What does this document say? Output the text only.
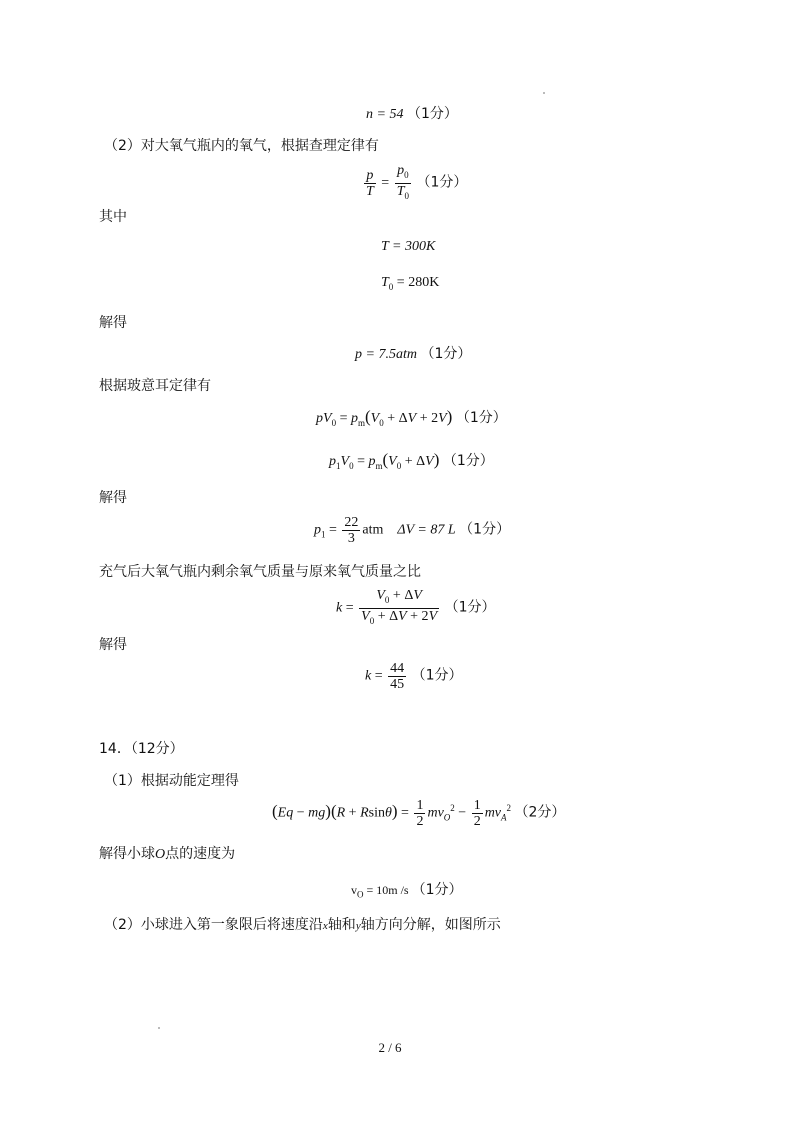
n = 54 （1分）
（2）对大氧气瓶内的氧气，根据查理定律有
$\frac{p}{T} = \frac{p_0}{T_0} (1$分）
其中
T = 300K
$T_0 = 280K$
解得
p = 7.5atm （1分）
根据玻意耳定律有
$pV_0 = p_m(V_0 + \Delta V + 2V)$ （1分）
$p_1V_0 = p_m(V_0 + \Delta V)$ （1分）
解得
$p_1 = \frac{22}{3}$ atm ΔV = 87 L （1分）
充气后大氧气瓶内剩余氧气质量与原来氧气质量之比
$k = \frac{V_0 + \Delta V}{V_0 + \Delta V + 2V} (1$分）
解得
$k = \frac{44}{45} (1$分）
14．（12分）
（1）根据动能定理得
$(Eq - mg)(R + Rsin\theta) = \frac{1}{2} mv_O^2 - \frac{1}{2} mv_A^2$ （2分）
解得小球O点的速度为
$v_O = 10m$ /s （1分）
（2）小球进入第一象限后将速度沿x轴和y轴方向分解，如图所示
2 / 6
